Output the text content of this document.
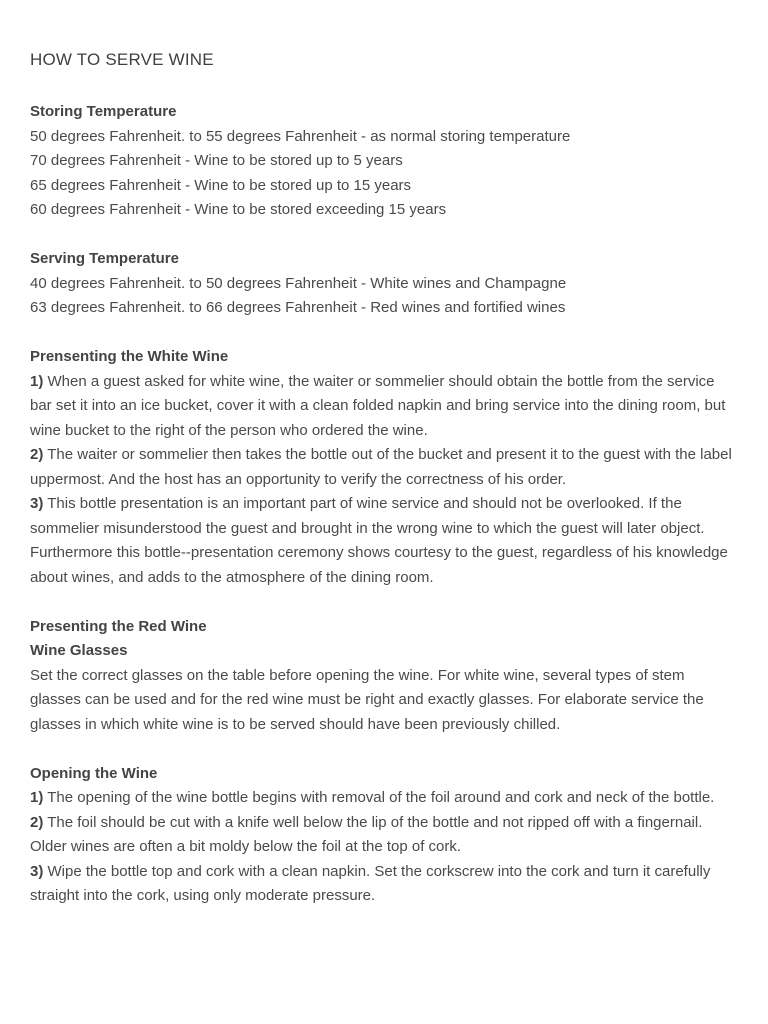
HOW TO SERVE WINE
Storing Temperature
50 degrees Fahrenheit. to 55 degrees Fahrenheit - as normal storing temperature
70 degrees Fahrenheit - Wine to be stored up to 5 years
65 degrees Fahrenheit - Wine to be stored up to 15 years
60 degrees Fahrenheit - Wine to be stored exceeding 15 years
Serving Temperature
40 degrees Fahrenheit. to 50 degrees Fahrenheit - White wines and Champagne
63 degrees Fahrenheit. to 66 degrees Fahrenheit - Red wines and fortified wines
Prensenting the White Wine

1) When a guest asked for white wine, the waiter or sommelier should obtain the bottle from the service bar set it into an ice bucket, cover it with a clean folded napkin and bring service into the dining room, but wine bucket to the right of the person who ordered the wine.

2) The waiter or sommelier then takes the bottle out of the bucket and present it to the guest with the label uppermost. And the host has an opportunity to verify the correctness of his order.

3) This bottle presentation is an important part of wine service and should not be overlooked. If the sommelier misunderstood the guest and brought in the wrong wine to which the guest will later object. Furthermore this bottle--presentation ceremony shows courtesy to the guest, regardless of his knowledge about wines, and adds to the atmosphere of the dining room.

Presenting the Red Wine
Wine Glasses

Set the correct glasses on the table before opening the wine. For white wine, several types of stem glasses can be used and for the red wine must be right and exactly glasses. For elaborate service the glasses in which white wine is to be served should have been previously chilled.

Opening the Wine

1) The opening of the wine bottle begins with removal of the foil around and cork and neck of the bottle.

2) The foil should be cut with a knife well below the lip of the bottle and not ripped off with a fingernail. Older wines are often a bit moldy below the foil at the top of cork.

3) Wipe the bottle top and cork with a clean napkin. Set the corkscrew into the cork and turn it carefully straight into the cork, using only moderate pressure.
